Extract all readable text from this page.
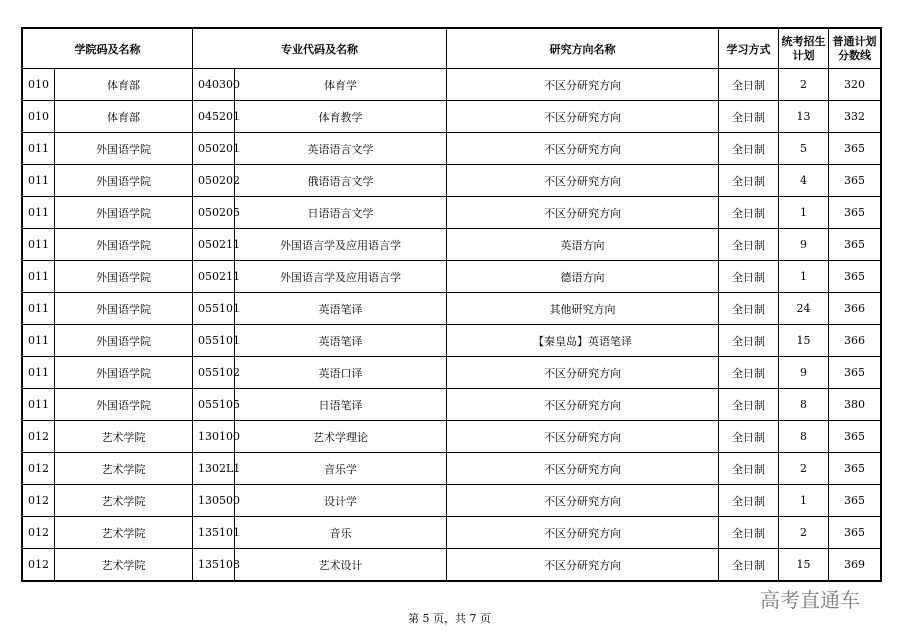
学院码及名称		专业代码及名称		研究方向名称	学习方式	统考招生计划	普通计划分数线
010	体育部	040300	体育学	不区分研究方向	全日制	2	320
010	体育部	045201	体育教学	不区分研究方向	全日制	13	332
011	外国语学院	050201	英语语言文学	不区分研究方向	全日制	5	365
011	外国语学院	050202	俄语语言文学	不区分研究方向	全日制	4	365
011	外国语学院	050205	日语语言文学	不区分研究方向	全日制	1	365
011	外国语学院	050211	外国语言学及应用语言学	英语方向	全日制	9	365
011	外国语学院	050211	外国语言学及应用语言学	德语方向	全日制	1	365
011	外国语学院	055101	英语笔译	其他研究方向	全日制	24	366
011	外国语学院	055101	英语笔译	【秦皇岛】英语笔译	全日制	15	366
011	外国语学院	055102	英语口译	不区分研究方向	全日制	9	365
011	外国语学院	055105	日语笔译	不区分研究方向	全日制	8	380
012	艺术学院	130100	艺术学理论	不区分研究方向	全日制	8	365
012	艺术学院	1302L1	音乐学	不区分研究方向	全日制	2	365
012	艺术学院	130500	设计学	不区分研究方向	全日制	1	365
012	艺术学院	135101	音乐	不区分研究方向	全日制	2	365
012	艺术学院	135108	艺术设计	不区分研究方向	全日制	15	369
高考直通车
第 5 页，共 7 页
